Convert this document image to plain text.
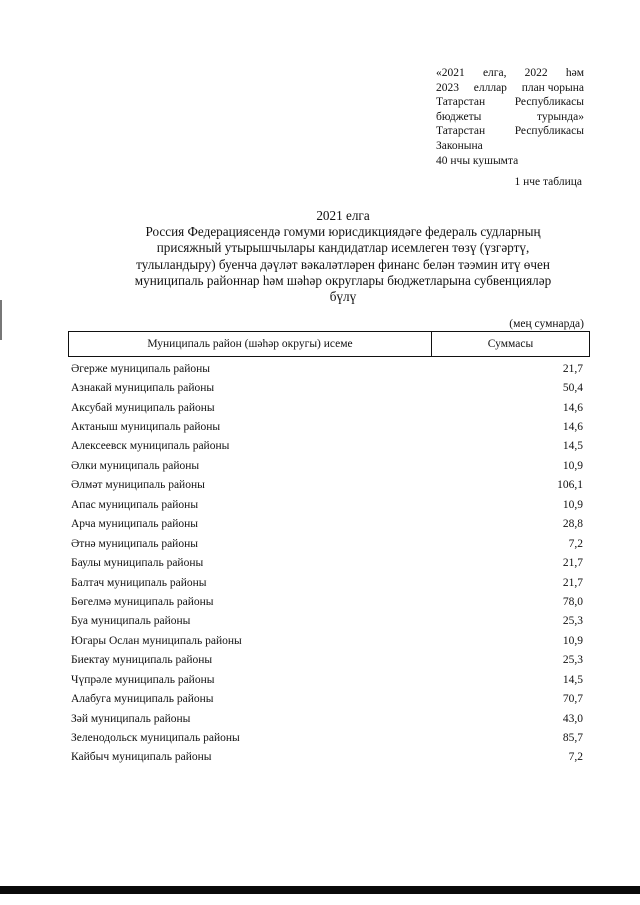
«2021 елга, 2022 һәм
2023 елллар план чорына
Татарстан	Республикасы
бюджеты	турында»
Татарстан	Республикасы
Законына
40 нчы кушымта
1 нче таблица
2021 елга
Россия Федерациясендә гомуми юрисдикциядәге федераль судларның
присяжный утырышчылары кандидатлар исемлеген төзү (үзгәртү,
тулыландыру) буенча дәүләт вәкаләтләрен финанс белән тәэмин итү өчен
муниципаль районнар һәм шәһәр округлары бюджетларына субвенцияләр
бүлү
(мең сумнарда)
Муниципаль район (шәһәр округы) исеме	Суммасы
Әгерже муниципаль районы	21,7
Азнакай муниципаль районы	50,4
Аксубай муниципаль районы	14,6
Актаныш муниципаль районы	14,6
Алексеевск муниципаль районы	14,5
Әлки муниципаль районы	10,9
Әлмәт муниципаль районы	106,1
Апас муниципаль районы	10,9
Арча муниципаль районы	28,8
Әтнә муниципаль районы	7,2
Баулы муниципаль районы	21,7
Балтач муниципаль районы	21,7
Бөгелмә муниципаль районы	78,0
Буа муниципаль районы	25,3
Югары Ослан муниципаль районы	10,9
Биектау муниципаль районы	25,3
Чүпрәле муниципаль районы	14,5
Алабуга муниципаль районы	70,7
Зәй муниципаль районы	43,0
Зеленодольск муниципаль районы	85,7
Кайбыч муниципаль районы	7,2
